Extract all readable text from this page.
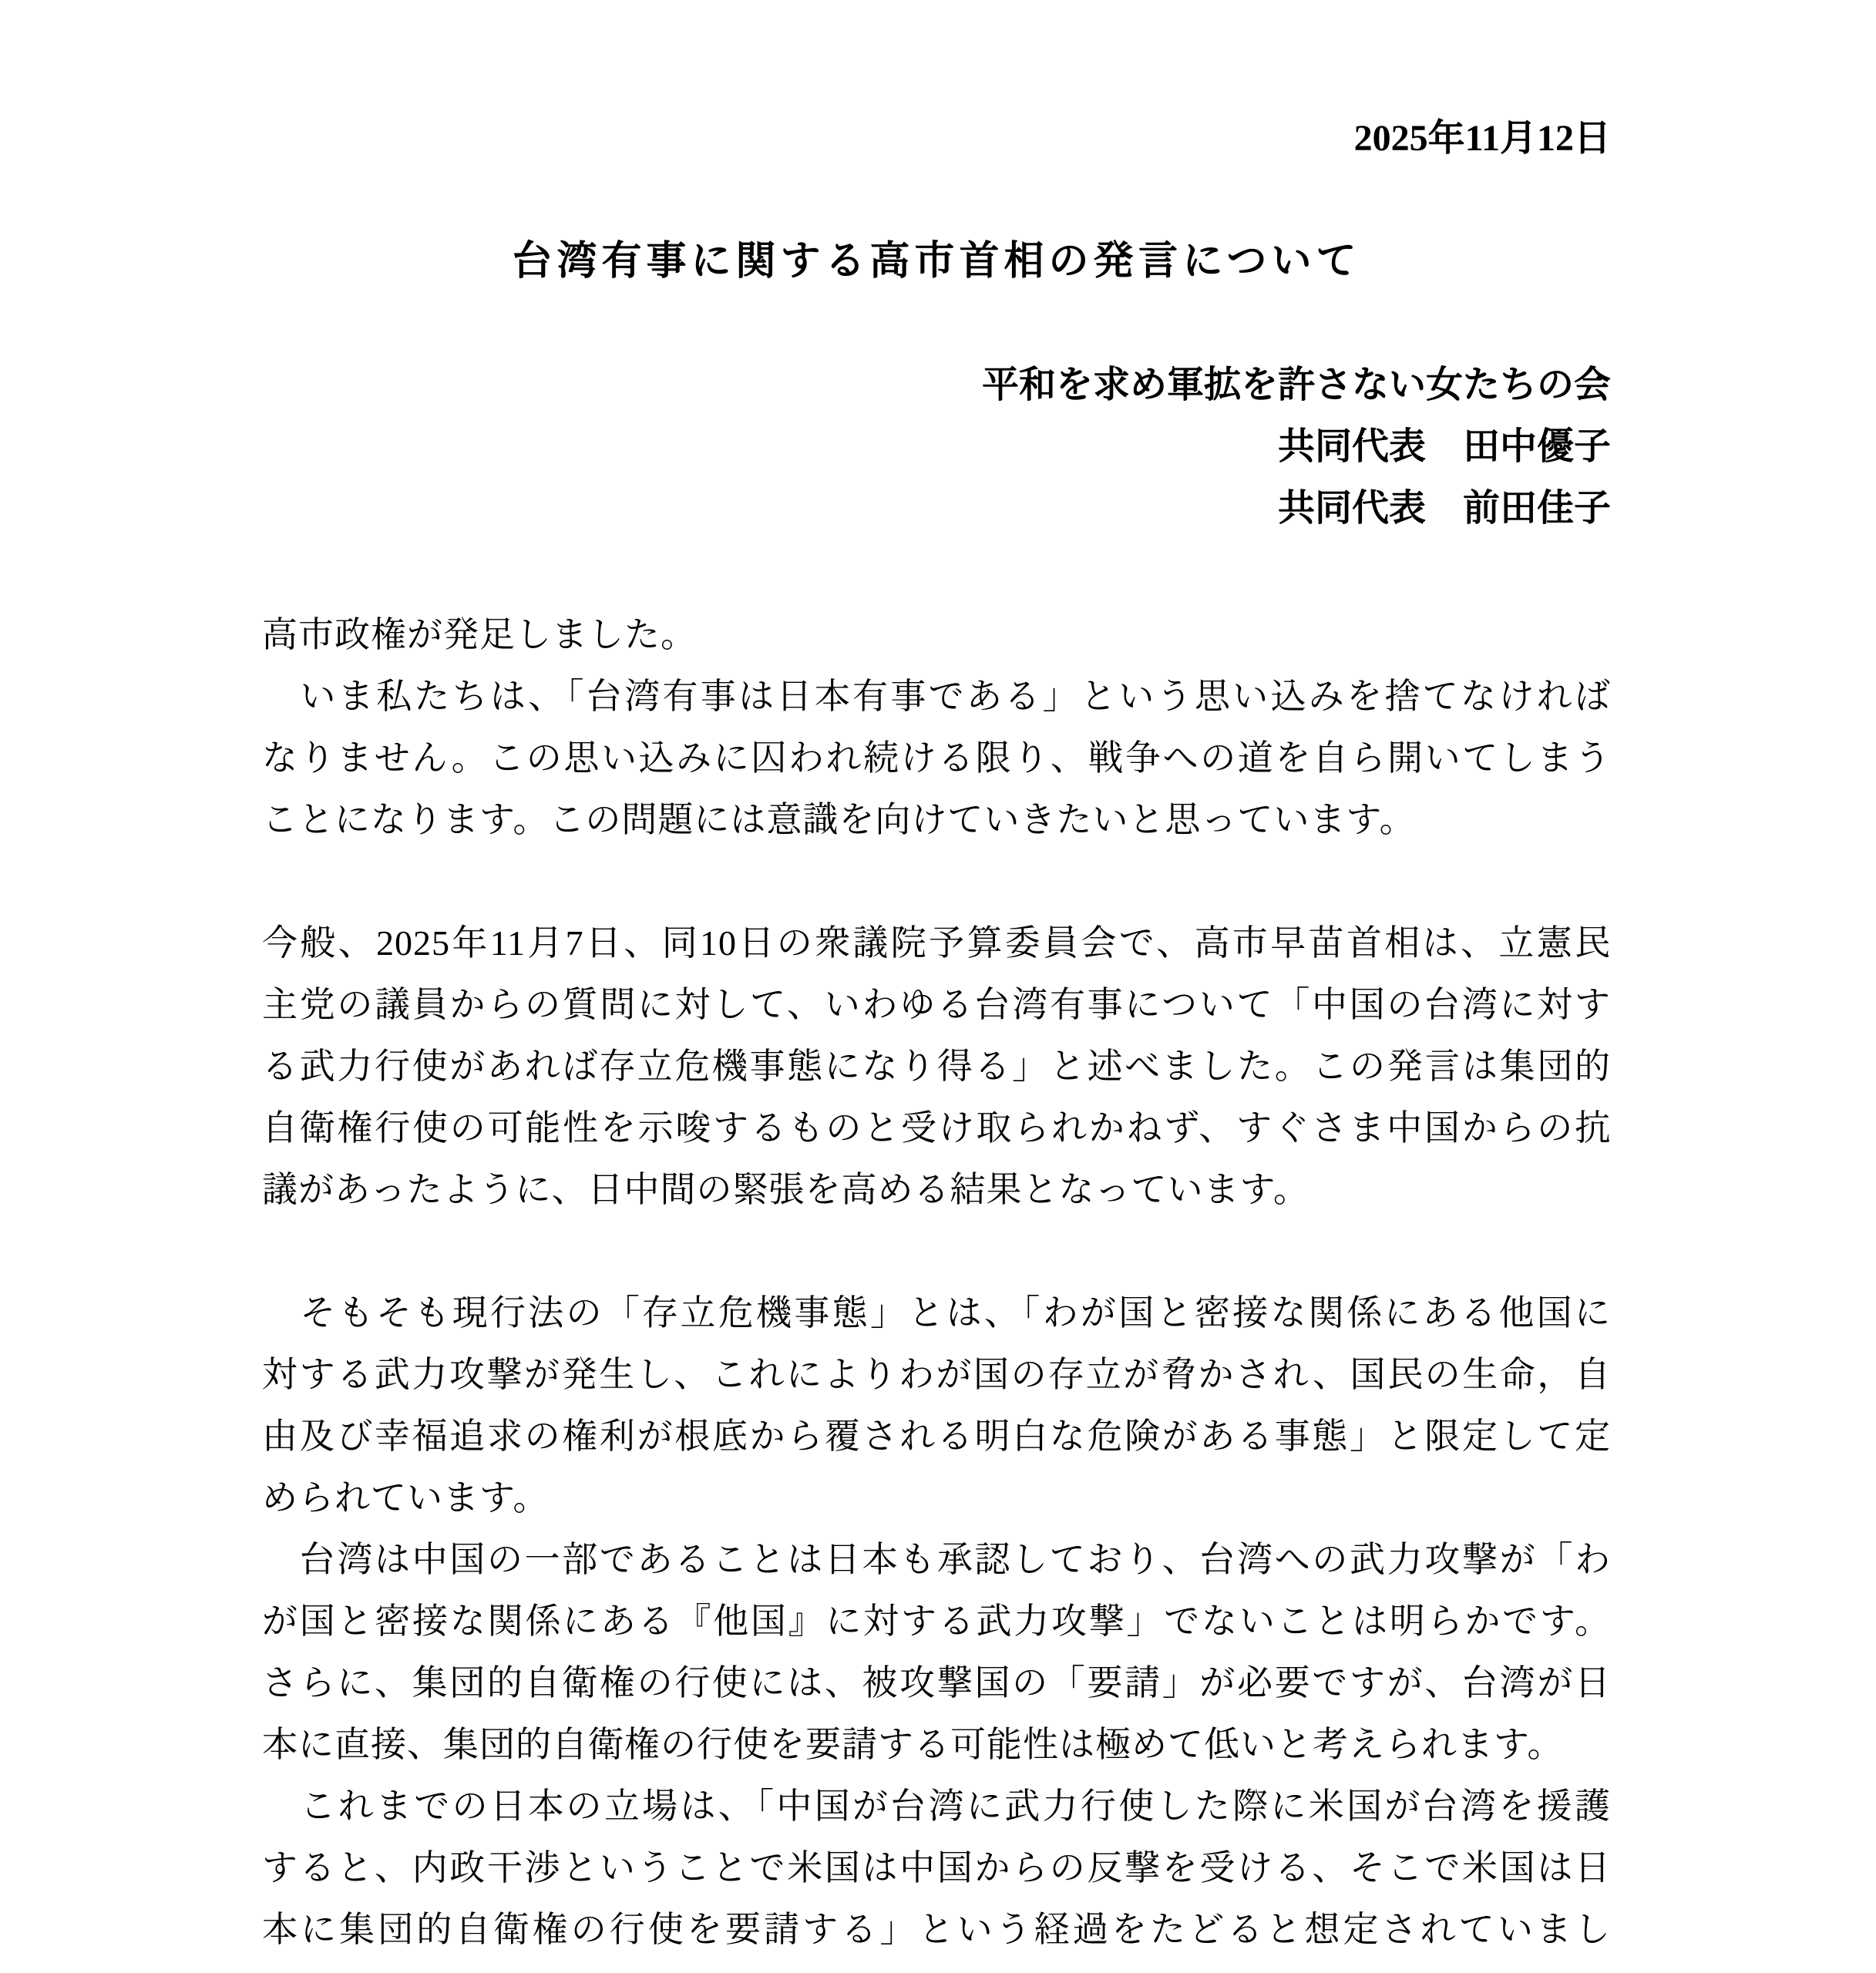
2025年11月12日
台湾有事に関する高市首相の発言について
平和を求め軍拡を許さない女たちの会
共同代表　田中優子
共同代表　前田佳子
高市政権が発足しました。
　いま私たちは、「台湾有事は日本有事である」という思い込みを捨てなければ
なりません。この思い込みに囚われ続ける限り、戦争への道を自ら開いてしまう
ことになります。この問題には意識を向けていきたいと思っています。
今般、2025年11月7日、同10日の衆議院予算委員会で、高市早苗首相は、立憲民
主党の議員からの質問に対して、いわゆる台湾有事について「中国の台湾に対す
る武力行使があれば存立危機事態になり得る」と述べました。この発言は集団的
自衛権行使の可能性を示唆するものと受け取られかねず、すぐさま中国からの抗
議があったように、日中間の緊張を高める結果となっています。
　そもそも現行法の「存立危機事態」とは、「わが国と密接な関係にある他国に
対する武力攻撃が発生し、これによりわが国の存立が脅かされ、国民の生命，自
由及び幸福追求の権利が根底から覆される明白な危険がある事態」と限定して定
められています。
　台湾は中国の一部であることは日本も承認しており、台湾への武力攻撃が「わ
が国と密接な関係にある『他国』に対する武力攻撃」でないことは明らかです。
さらに、集団的自衛権の行使には、被攻撃国の「要請」が必要ですが、台湾が日
本に直接、集団的自衛権の行使を要請する可能性は極めて低いと考えられます。
　これまでの日本の立場は、「中国が台湾に武力行使した際に米国が台湾を援護
すると、内政干渉ということで米国は中国からの反撃を受ける、そこで米国は日
本に集団的自衛権の行使を要請する」という経過をたどると想定されていまし
